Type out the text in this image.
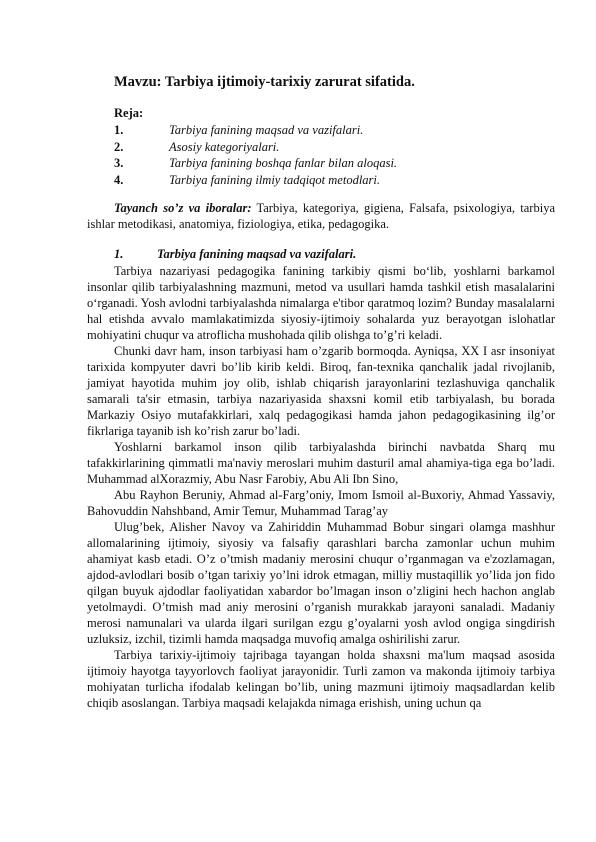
Mavzu: Tarbiya ijtimoiy-tarixiy zarurat sifatida.
Reja:
1.	Tarbiya fanining maqsad va vazifalari.
2.	Asosiy kategoriyalari.
3.	Tarbiya fanining boshqa fanlar bilan aloqasi.
4.	Tarbiya fanining ilmiy tadqiqot metodlari.
Tayanch so’z va iboralar: Tarbiya, kategoriya, gigiena, Falsafa, psixologiya, tarbiya ishlar metodikasi, anatomiya, fiziologiya, etika, pedagogika.
1.	Tarbiya fanining maqsad va vazifalari.

Tarbiya nazariyasi pedagogika fanining tarkibiy qismi bo‘lib, yoshlarni barkamol insonlar qilib tarbiyalashning mazmuni, metod va usullari hamda tashkil etish masalalarini o‘rganadi. Yosh avlodni tarbiyalashda nimalarga e'tibor qaratmoq lozim? Bunday masalalarni hal etishda avvalo mamlakatimizda siyosiy-ijtimoiy sohalarda yuz berayotgan islohatlar mohiyatini chuqur va atroflicha mushohada qilib olishga to’g’ri keladi.

Chunki davr ham, inson tarbiyasi ham o’zgarib bormoqda. Ayniqsa, XX I asr insoniyat tarixida kompyuter davri bo’lib kirib keldi. Biroq, fan-texnika qanchalik jadal rivojlanib, jamiyat hayotida muhim joy olib, ishlab chiqarish jarayonlarini tezlashuviga qanchalik samarali ta'sir etmasin, tarbiya nazariyasida shaxsni komil etib tarbiyalash, bu borada Markaziy Osiyo mutafakkirlari, xalq pedagogikasi hamda jahon pedagogikasining ilg’or fikrlariga tayanib ish ko’rish zarur bo’ladi.

Yoshlarni barkamol inson qilib tarbiyalashda birinchi navbatda Sharq mu tafakkirlarining qimmatli ma'naviy meroslari muhim dasturil amal ahamiya-tiga ega bo’ladi. Muhammad alXorazmiy, Abu Nasr Farobiy, Abu Ali Ibn Sino,

Abu Rayhon Beruniy, Ahmad al-Farg’oniy, Imom Ismoil al-Buxoriy, Ahmad Yassaviy, Bahovuddin Nahshband, Amir Temur, Muhammad Tarag’ay

Ulug’bek, Alisher Navoy va Zahiriddin Muhammad Bobur singari olamga mashhur allomalarining ijtimoiy, siyosiy va falsafiy qarashlari barcha zamonlar uchun muhim ahamiyat kasb etadi. O’z o’tmish madaniy merosini chuqur o’rganmagan va e'zozlamagan, ajdod-avlodlari bosib o’tgan tarixiy yo’lni idrok etmagan, milliy mustaqillik yo’lida jon fido qilgan buyuk ajdodlar faoliyatidan xabardor bo’lmagan inson o’zligini hech hachon anglab yetolmaydi. O’tmish mad aniy merosini o’rganish murakkab jarayoni sanaladi. Madaniy merosi namunalari va ularda ilgari surilgan ezgu g’oyalarni yosh avlod ongiga singdirish uzluksiz, izchil, tizimli hamda maqsadga muvofiq amalga oshirilishi zarur.

Tarbiya tarixiy-ijtimoiy tajribaga tayangan holda shaxsni ma'lum maqsad asosida ijtimoiy hayotga tayyorlovch faoliyat jarayonidir. Turli zamon va makonda ijtimoiy tarbiya mohiyatan turlicha ifodalab kelingan bo’lib, uning mazmuni ijtimoiy maqsadlardan kelib chiqib asoslangan. Tarbiya maqsadi kelajakda nimaga erishish, uning uchun qa
